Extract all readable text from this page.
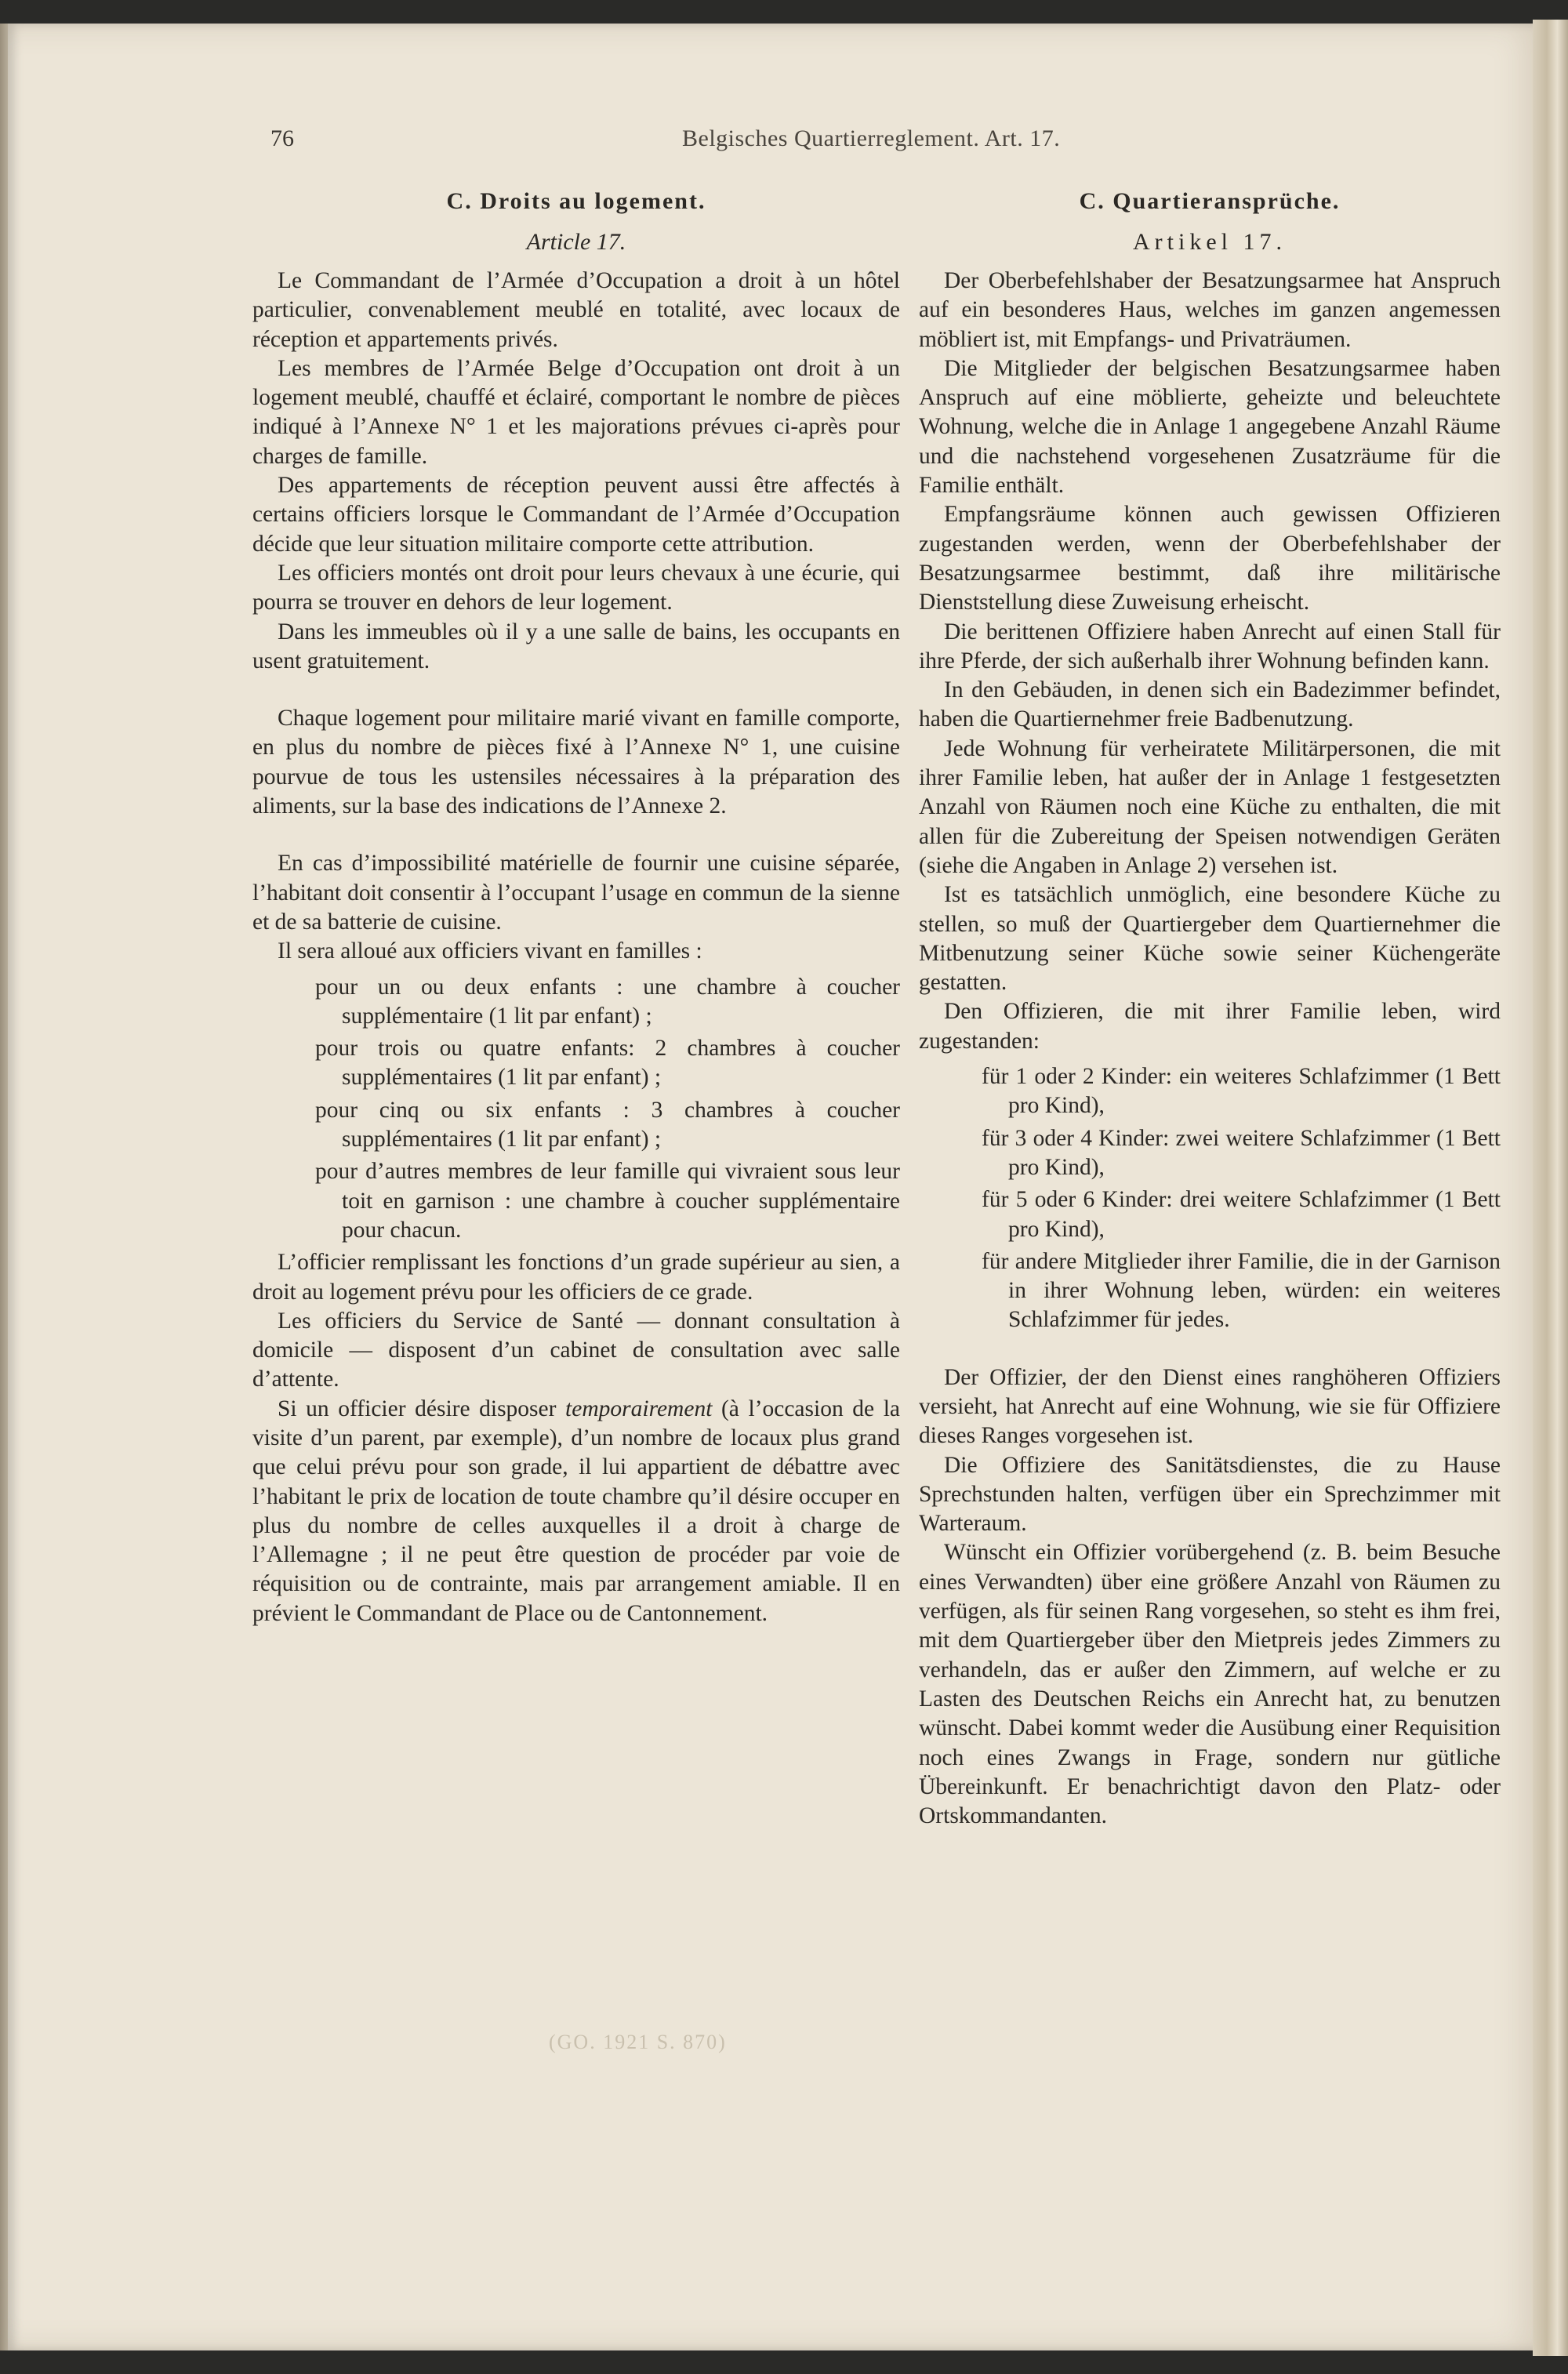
76	Belgisches Quartierreglement. Art. 17.
C. Droits au logement.
Article 17.

Le Commandant de l’Armée d’Occupation a droit à un hôtel particulier, convenablement meublé en totalité, avec locaux de réception et appartements privés.

Les membres de l’Armée Belge d’Occupation ont droit à un logement meublé, chauffé et éclairé, comportant le nombre de pièces indiqué à l’Annexe N° 1 et les majorations prévues ci-après pour charges de famille.

Des appartements de réception peuvent aussi être affectés à certains officiers lorsque le Commandant de l’Armée d’Occupation décide que leur situation militaire comporte cette attribution.

Les officiers montés ont droit pour leurs chevaux à une écurie, qui pourra se trouver en dehors de leur logement.

Dans les immeubles où il y a une salle de bains, les occupants en usent gratuitement.

Chaque logement pour militaire marié vivant en famille comporte, en plus du nombre de pièces fixé à l’Annexe N° 1, une cuisine pourvue de tous les ustensiles nécessaires à la préparation des aliments, sur la base des indications de l’Annexe 2.

En cas d’impossibilité matérielle de fournir une cuisine séparée, l’habitant doit consentir à l’occupant l’usage en commun de la sienne et de sa batterie de cuisine.

Il sera alloué aux officiers vivant en familles :

pour un ou deux enfants : une chambre à coucher supplémentaire (1 lit par enfant) ;
pour trois ou quatre enfants: 2 chambres à coucher supplémentaires (1 lit par enfant) ;
pour cinq ou six enfants : 3 chambres à coucher supplémentaires (1 lit par enfant) ;
pour d’autres membres de leur famille qui vivraient sous leur toit en garnison : une chambre à coucher supplémentaire pour chacun.

L’officier remplissant les fonctions d’un grade supérieur au sien, a droit au logement prévu pour les officiers de ce grade.

Les officiers du Service de Santé — donnant consultation à domicile — disposent d’un cabinet de consultation avec salle d’attente.

Si un officier désire disposer temporairement (à l’occasion de la visite d’un parent, par exemple), d’un nombre de locaux plus grand que celui prévu pour son grade, il lui appartient de débattre avec l’habitant le prix de location de toute chambre qu’il désire occuper en plus du nombre de celles auxquelles il a droit à charge de l’Allemagne ; il ne peut être question de procéder par voie de réquisition ou de contrainte, mais par arrangement amiable. Il en prévient le Commandant de Place ou de Cantonnement.

C. Quartieransprüche.
Artikel 17.

Der Oberbefehlshaber der Besatzungsarmee hat Anspruch auf ein besonderes Haus, welches im ganzen angemessen möbliert ist, mit Empfangs- und Privaträumen.

Die Mitglieder der belgischen Besatzungsarmee haben Anspruch auf eine möblierte, geheizte und beleuchtete Wohnung, welche die in Anlage 1 angegebene Anzahl Räume und die nachstehend vorgesehenen Zusatzräume für die Familie enthält.

Empfangsräume können auch gewissen Offizieren zugestanden werden, wenn der Oberbefehlshaber der Besatzungsarmee bestimmt, daß ihre militärische Dienststellung diese Zuweisung erheischt.

Die berittenen Offiziere haben Anrecht auf einen Stall für ihre Pferde, der sich außerhalb ihrer Wohnung befinden kann.

In den Gebäuden, in denen sich ein Badezimmer befindet, haben die Quartiernehmer freie Badbenutzung.

Jede Wohnung für verheiratete Militärpersonen, die mit ihrer Familie leben, hat außer der in Anlage 1 festgesetzten Anzahl von Räumen noch eine Küche zu enthalten, die mit allen für die Zubereitung der Speisen notwendigen Geräten (siehe die Angaben in Anlage 2) versehen ist.

Ist es tatsächlich unmöglich, eine besondere Küche zu stellen, so muß der Quartiergeber dem Quartiernehmer die Mitbenutzung seiner Küche sowie seiner Küchengeräte gestatten.

Den Offizieren, die mit ihrer Familie leben, wird zugestanden:

für 1 oder 2 Kinder: ein weiteres Schlafzimmer (1 Bett pro Kind),
für 3 oder 4 Kinder: zwei weitere Schlafzimmer (1 Bett pro Kind),
für 5 oder 6 Kinder: drei weitere Schlafzimmer (1 Bett pro Kind),
für andere Mitglieder ihrer Familie, die in der Garnison in ihrer Wohnung leben, würden: ein weiteres Schlafzimmer für jedes.

Der Offizier, der den Dienst eines ranghöheren Offiziers versieht, hat Anrecht auf eine Wohnung, wie sie für Offiziere dieses Ranges vorgesehen ist.

Die Offiziere des Sanitätsdienstes, die zu Hause Sprechstunden halten, verfügen über ein Sprechzimmer mit Warteraum.

Wünscht ein Offizier vorübergehend (z. B. beim Besuche eines Verwandten) über eine größere Anzahl von Räumen zu verfügen, als für seinen Rang vorgesehen, so steht es ihm frei, mit dem Quartiergeber über den Mietpreis jedes Zimmers zu verhandeln, das er außer den Zimmern, auf welche er zu Lasten des Deutschen Reichs ein Anrecht hat, zu benutzen wünscht. Dabei kommt weder die Ausübung einer Requisition noch eines Zwangs in Frage, sondern nur gütliche Übereinkunft. Er benachrichtigt davon den Platz- oder Ortskommandanten.

(GO. 1921 S. 870)
